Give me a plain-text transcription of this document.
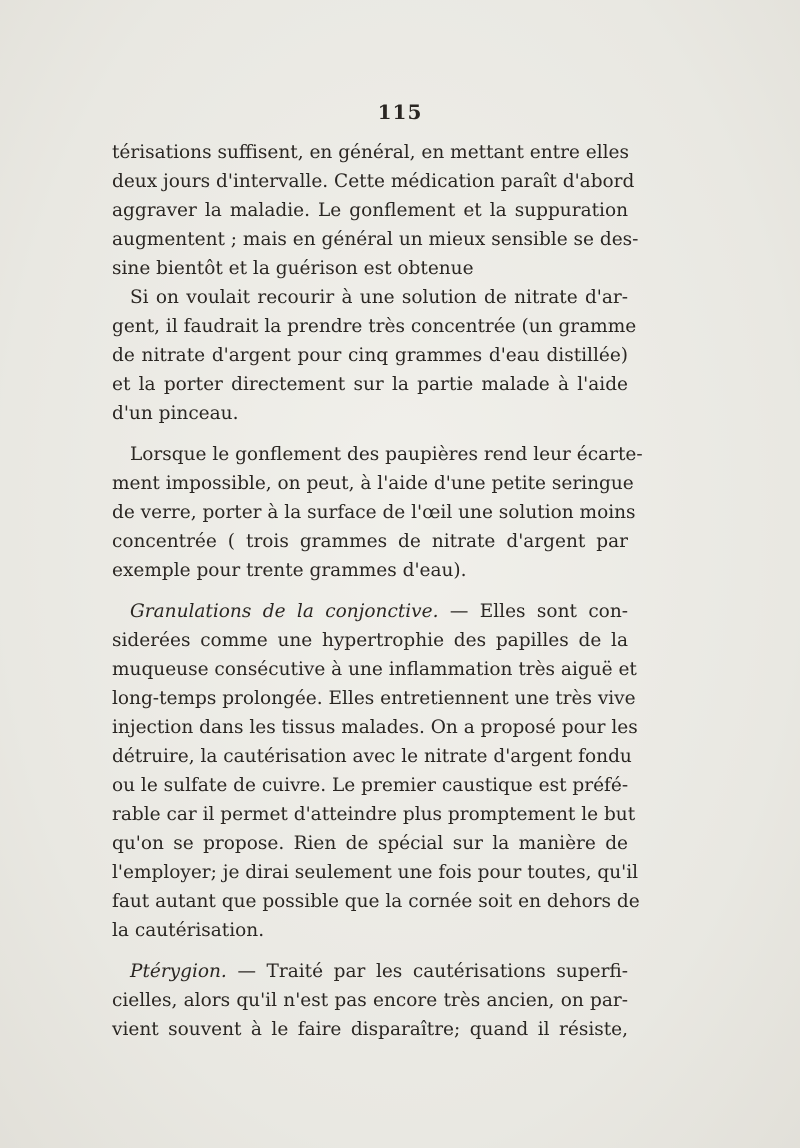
115
térisations suffisent, en général, en mettant entre elles
deux jours d'intervalle. Cette médication paraît d'abord
aggraver la maladie. Le gonflement et la suppuration
augmentent ; mais en général un mieux sensible se des-
sine bientôt et la guérison est obtenue
Si on voulait recourir à une solution de nitrate d'ar-
gent, il faudrait la prendre très concentrée (un gramme
de nitrate d'argent pour cinq grammes d'eau distillée)
et la porter directement sur la partie malade à l'aide
d'un pinceau.
Lorsque le gonflement des paupières rend leur écarte-
ment impossible, on peut, à l'aide d'une petite seringue
de verre, porter à la surface de l'œil une solution moins
concentrée ( trois grammes de nitrate d'argent par
exemple pour trente grammes d'eau).
Granulations de la conjonctive. — Elles sont con-
siderées comme une hypertrophie des papilles de la
muqueuse consécutive à une inflammation très aiguë et
long-temps prolongée. Elles entretiennent une très vive
injection dans les tissus malades. On a proposé pour les
détruire, la cautérisation avec le nitrate d'argent fondu
ou le sulfate de cuivre. Le premier caustique est préfé-
rable car il permet d'atteindre plus promptement le but
qu'on se propose. Rien de spécial sur la manière de
l'employer; je dirai seulement une fois pour toutes, qu'il
faut autant que possible que la cornée soit en dehors de
la cautérisation.
Ptérygion. — Traité par les cautérisations superfi-
cielles, alors qu'il n'est pas encore très ancien, on par-
vient souvent à le faire disparaître; quand il résiste,
